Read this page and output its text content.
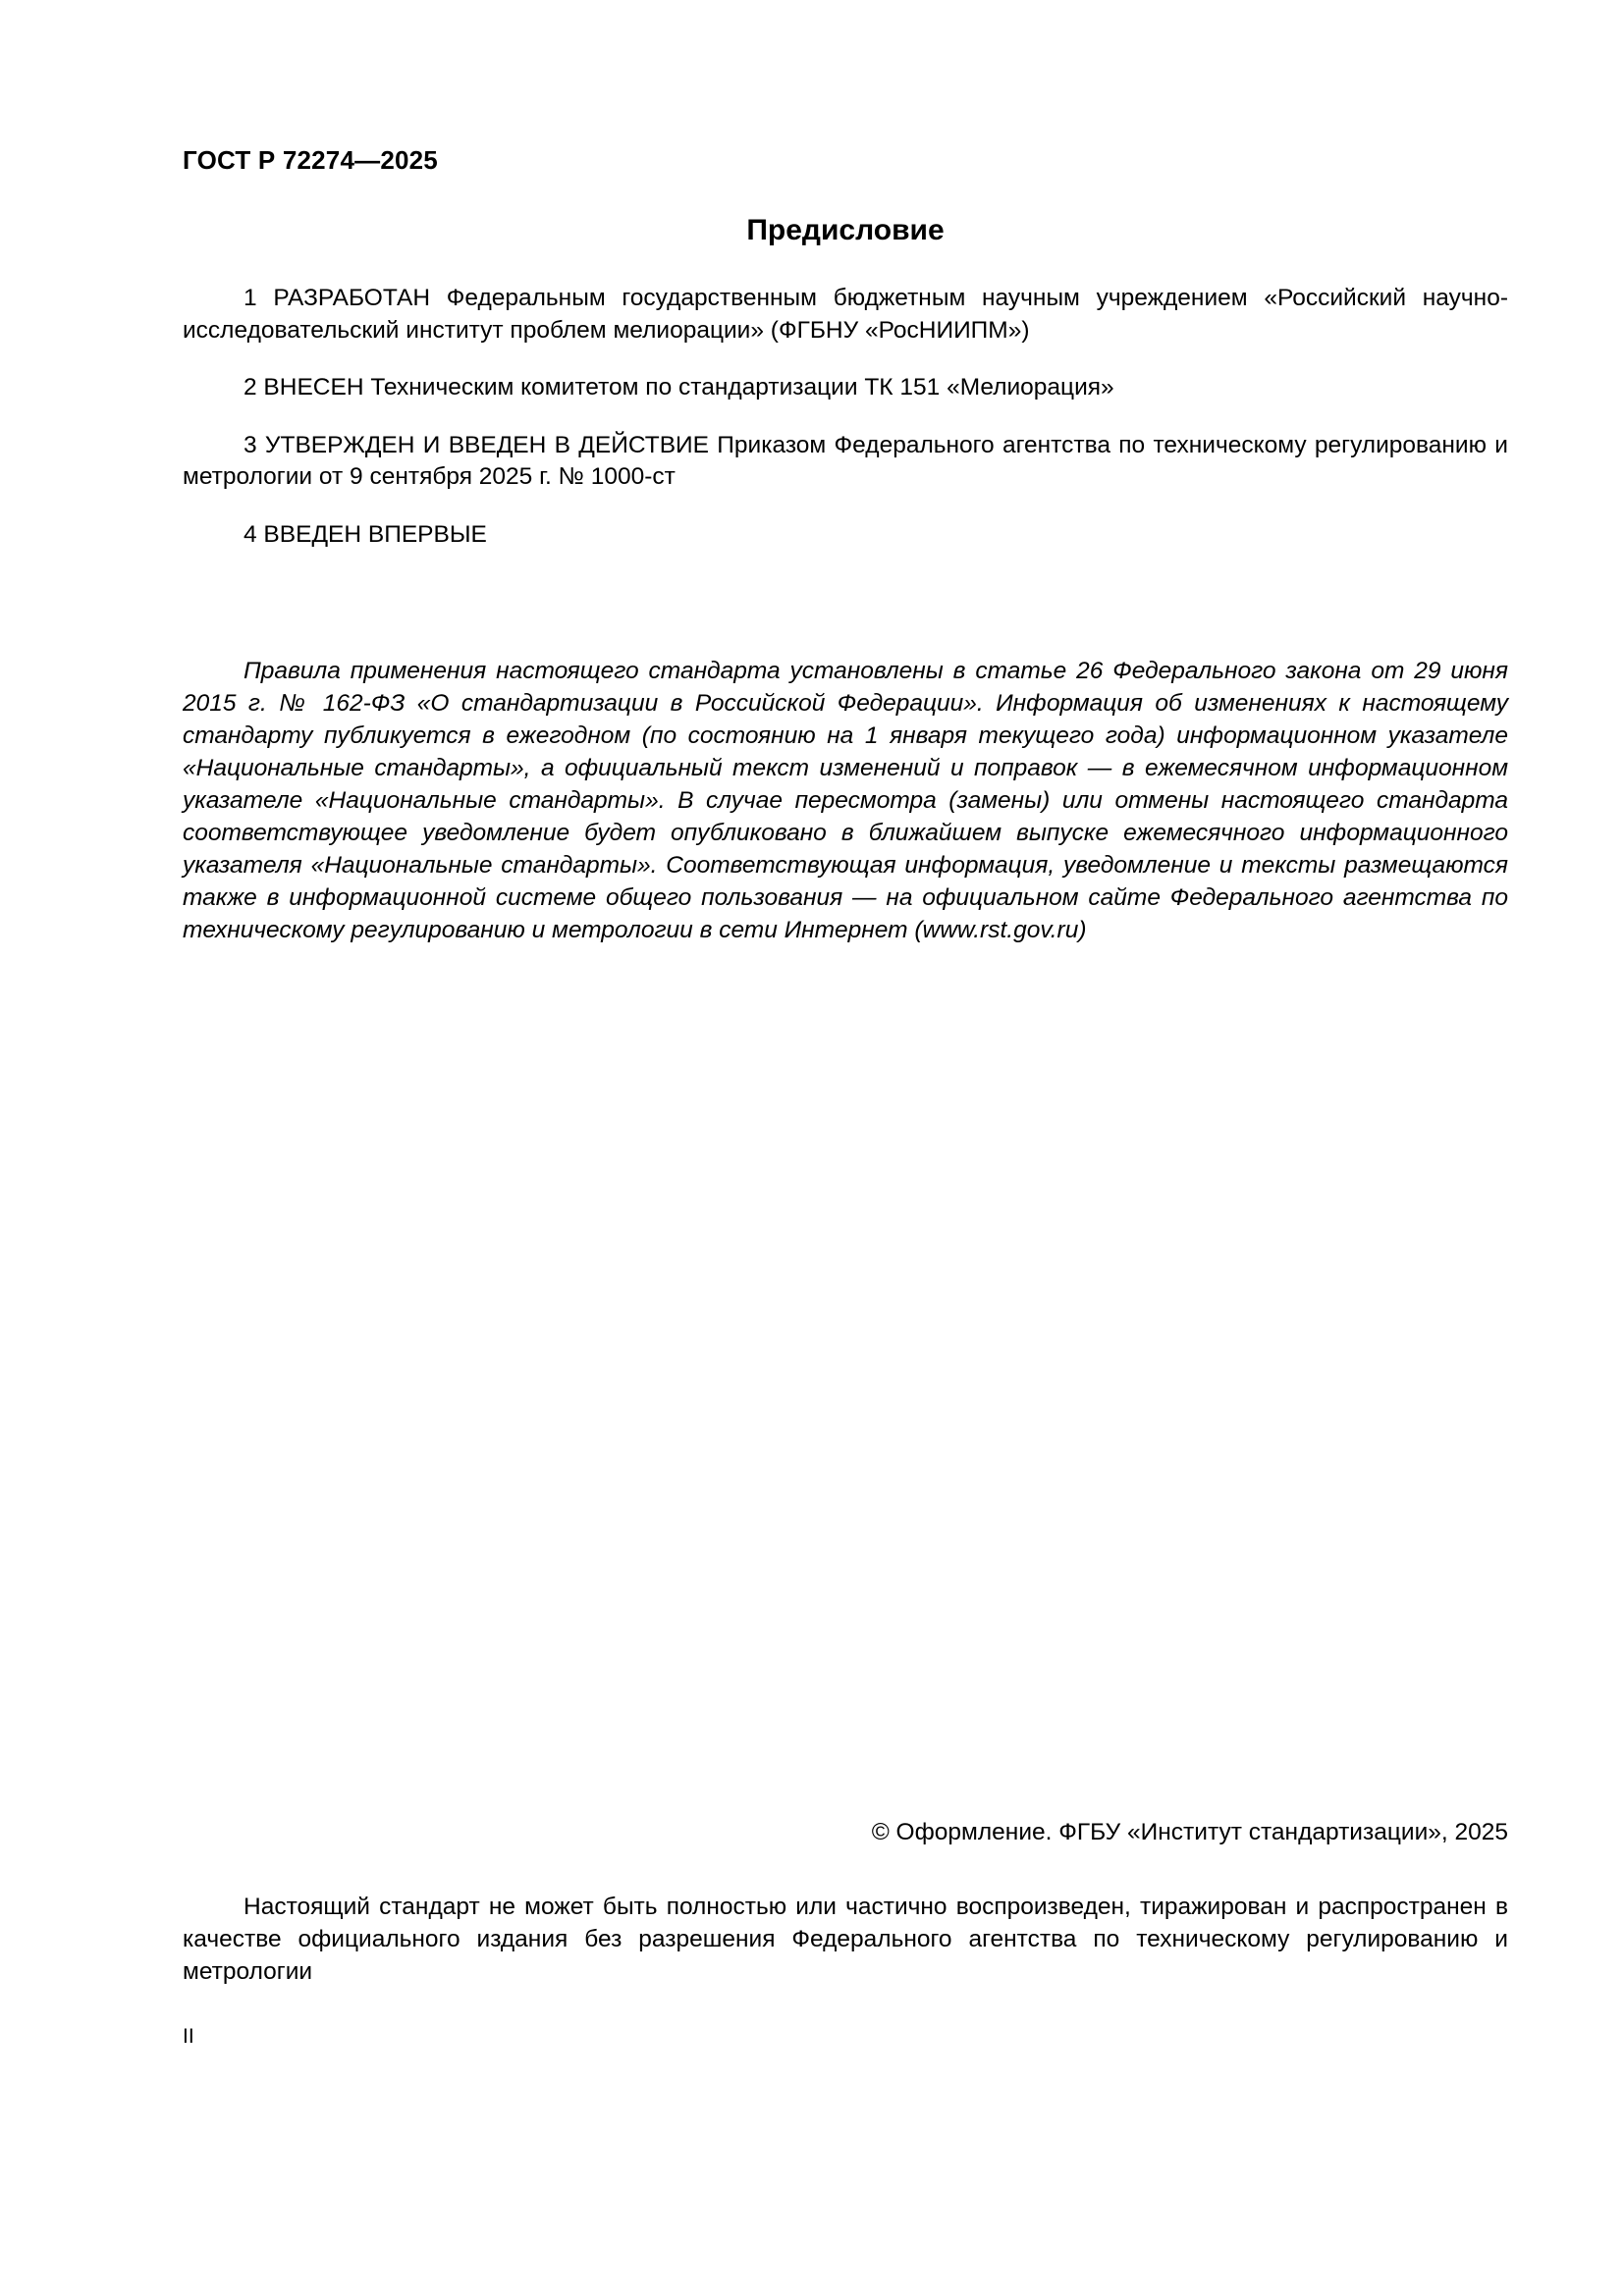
ГОСТ Р 72274—2025
Предисловие
1 РАЗРАБОТАН Федеральным государственным бюджетным научным учреждением «Российский научно-исследовательский институт проблем мелиорации» (ФГБНУ «РосНИИПМ»)
2 ВНЕСЕН Техническим комитетом по стандартизации ТК 151 «Мелиорация»
3 УТВЕРЖДЕН И ВВЕДЕН В ДЕЙСТВИЕ Приказом Федерального агентства по техническому регулированию и метрологии от 9 сентября 2025 г. № 1000-ст
4 ВВЕДЕН ВПЕРВЫЕ
Правила применения настоящего стандарта установлены в статье 26 Федерального закона от 29 июня 2015 г. № 162-ФЗ «О стандартизации в Российской Федерации». Информация об изменениях к настоящему стандарту публикуется в ежегодном (по состоянию на 1 января текущего года) информационном указателе «Национальные стандарты», а официальный текст изменений и поправок — в ежемесячном информационном указателе «Национальные стандарты». В случае пересмотра (замены) или отмены настоящего стандарта соответствующее уведомление будет опубликовано в ближайшем выпуске ежемесячного информационного указателя «Национальные стандарты». Соответствующая информация, уведомление и тексты размещаются также в информационной системе общего пользования — на официальном сайте Федерального агентства по техническому регулированию и метрологии в сети Интернет (www.rst.gov.ru)
© Оформление. ФГБУ «Институт стандартизации», 2025
Настоящий стандарт не может быть полностью или частично воспроизведен, тиражирован и распространен в качестве официального издания без разрешения Федерального агентства по техническому регулированию и метрологии
II
